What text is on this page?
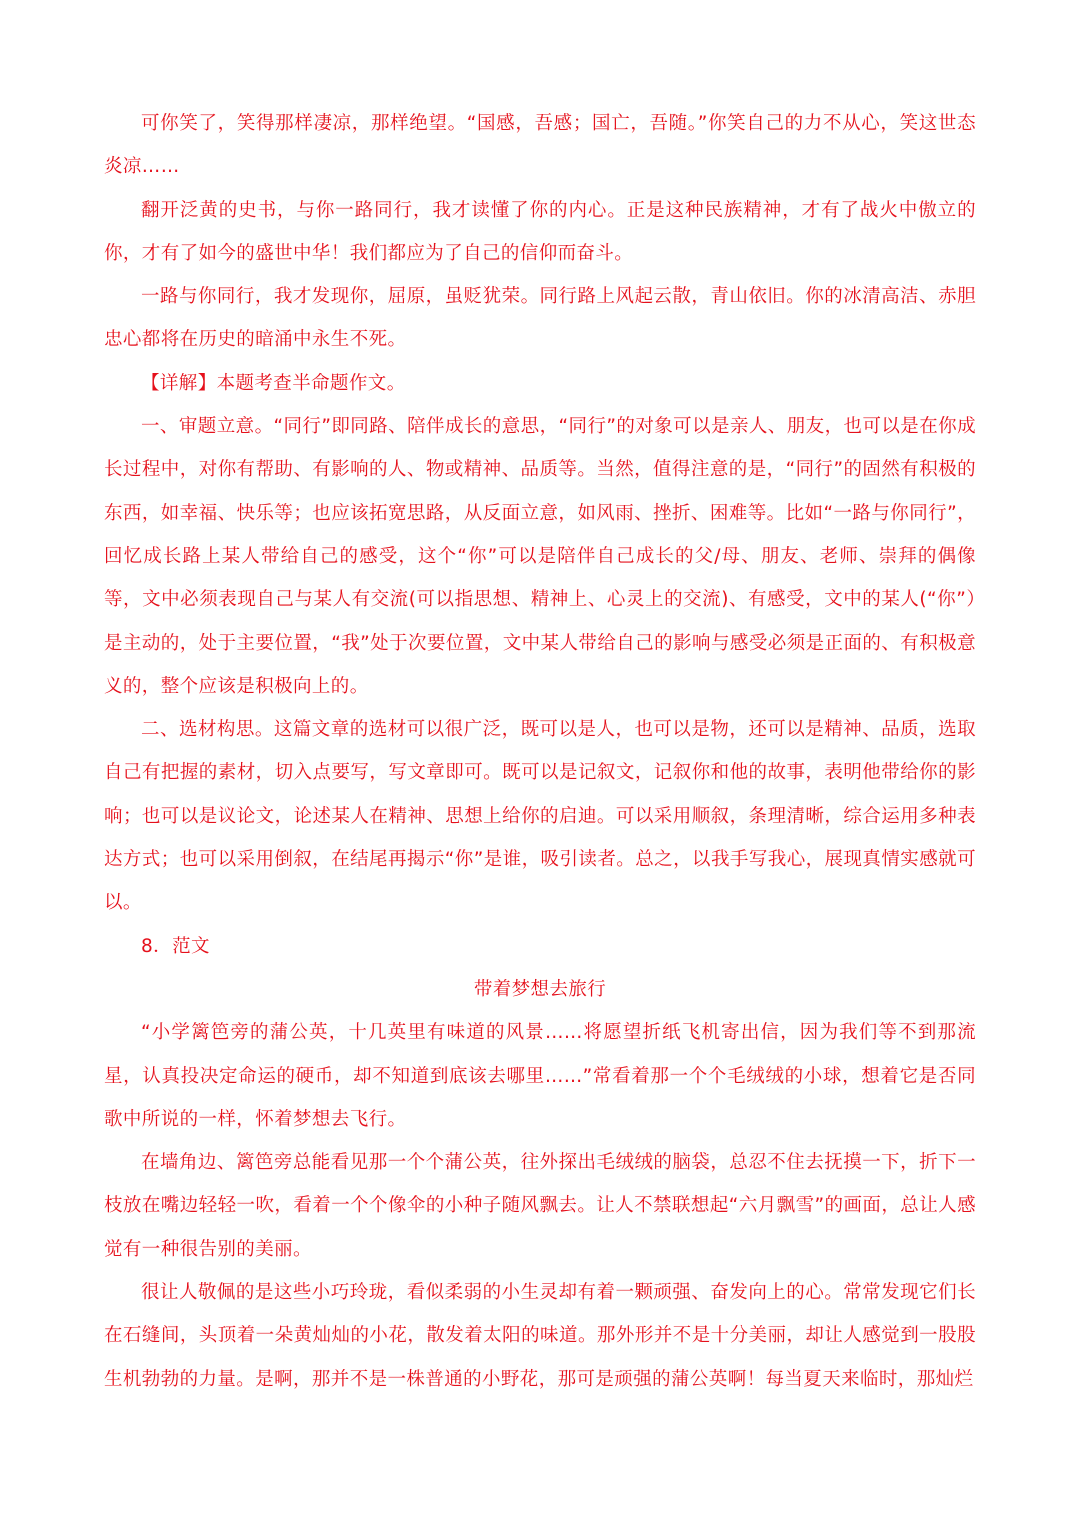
可你笑了，笑得那样凄凉，那样绝望。“国感，吾感；国亡，吾随。”你笑自己的力不从心，笑这世态炎凉……

翻开泛黄的史书，与你一路同行，我才读懂了你的内心。正是这种民族精神，才有了战火中傲立的你，才有了如今的盛世中华！我们都应为了自己的信仰而奋斗。

一路与你同行，我才发现你，屈原，虽贬犹荣。同行路上风起云散，青山依旧。你的冰清高洁、赤胆忠心都将在历史的暗涌中永生不死。

【详解】本题考查半命题作文。

一、审题立意。“同行”即同路、陪伴成长的意思，“同行”的对象可以是亲人、朋友，也可以是在你成长过程中，对你有帮助、有影响的人、物或精神、品质等。当然，值得注意的是，“同行”的固然有积极的东西，如幸福、快乐等；也应该拓宽思路，从反面立意，如风雨、挫折、困难等。比如“一路与你同行”，回忆成长路上某人带给自己的感受，这个“你”可以是陪伴自己成长的父/母、朋友、老师、崇拜的偶像等，文中必须表现自己与某人有交流(可以指思想、精神上、心灵上的交流)、有感受，文中的某人(“你”）是主动的，处于主要位置，“我”处于次要位置，文中某人带给自己的影响与感受必须是正面的、有积极意义的，整个应该是积极向上的。

二、选材构思。这篇文章的选材可以很广泛，既可以是人，也可以是物，还可以是精神、品质，选取自己有把握的素材，切入点要写，写文章即可。既可以是记叙文，记叙你和他的故事，表明他带给你的影响；也可以是议论文，论述某人在精神、思想上给你的启迪。可以采用顺叙，条理清晰，综合运用多种表达方式；也可以采用倒叙，在结尾再揭示“你”是谁，吸引读者。总之，以我手写我心，展现真情实感就可以。

8．范文

带着梦想去旅行

“小学篱笆旁的蒲公英，十几英里有味道的风景……将愿望折纸飞机寄出信，因为我们等不到那流星，认真投决定命运的硬币，却不知道到底该去哪里……”常看着那一个个毛绒绒的小球，想着它是否同歌中所说的一样，怀着梦想去飞行。

在墙角边、篱笆旁总能看见那一个个蒲公英，往外探出毛绒绒的脑袋，总忍不住去抚摸一下，折下一枝放在嘴边轻轻一吹，看着一个个像伞的小种子随风飘去。让人不禁联想起“六月飘雪”的画面，总让人感觉有一种很告别的美丽。

很让人敬佩的是这些小巧玲珑，看似柔弱的小生灵却有着一颗顽强、奋发向上的心。常常发现它们长在石缝间，头顶着一朵黄灿灿的小花，散发着太阳的味道。那外形并不是十分美丽，却让人感觉到一股股生机勃勃的力量。是啊，那并不是一株普通的小野花，那可是顽强的蒲公英啊！每当夏天来临时，那灿烂
